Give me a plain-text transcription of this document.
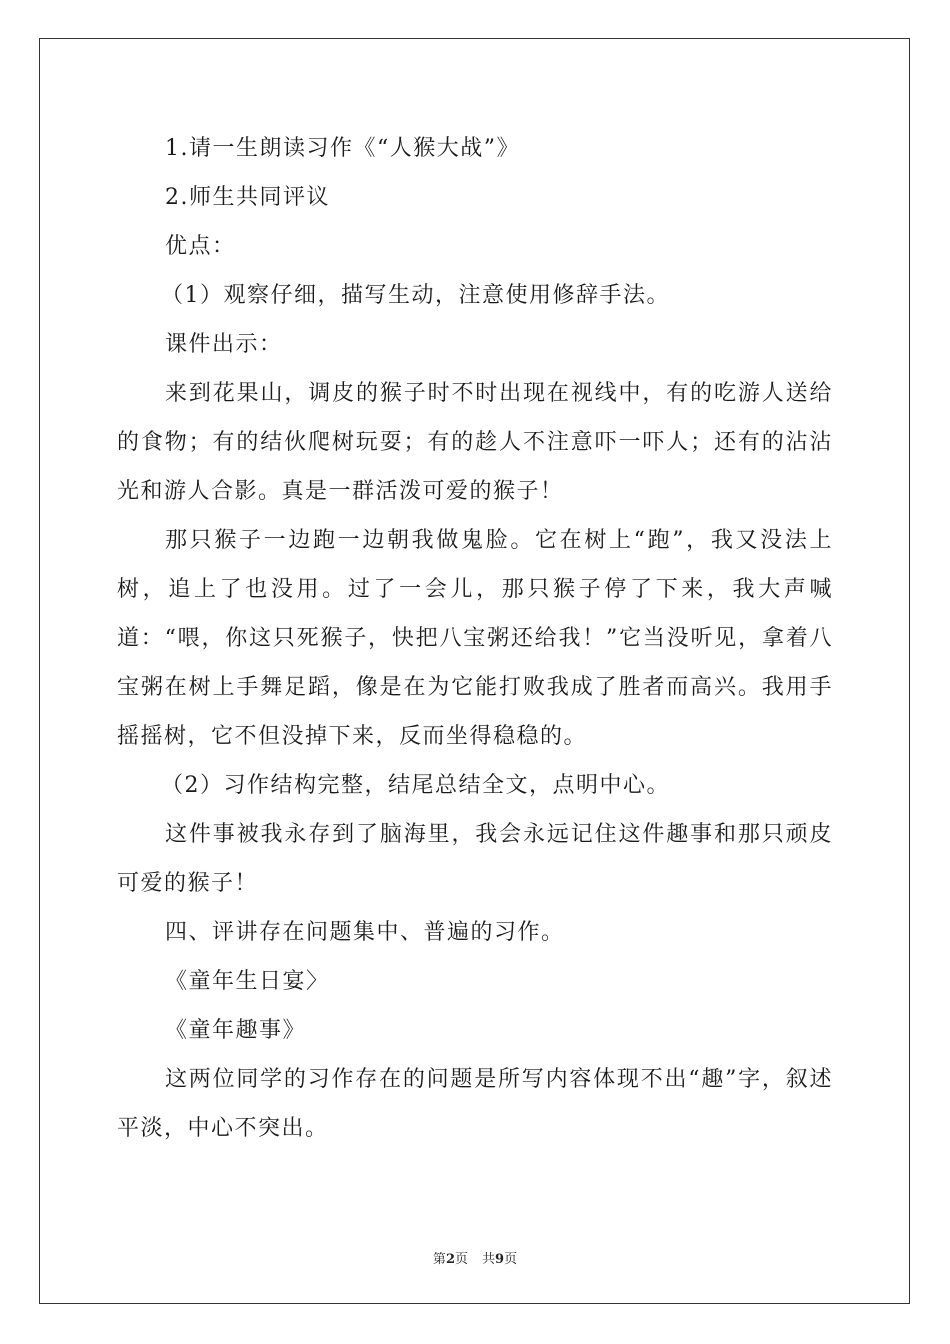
1.请一生朗读习作《“人猴大战”》

2.师生共同评议

优点：

（1）观察仔细，描写生动，注意使用修辞手法。

课件出示：

来到花果山，调皮的猴子时不时出现在视线中，有的吃游人送给的食物；有的结伙爬树玩耍；有的趁人不注意吓一吓人；还有的沾沾光和游人合影。真是一群活泼可爱的猴子！

那只猴子一边跑一边朝我做鬼脸。它在树上“跑”，我又没法上树，追上了也没用。过了一会儿，那只猴子停了下来，我大声喊道：“喂，你这只死猴子，快把八宝粥还给我！”它当没听见，拿着八宝粥在树上手舞足蹈，像是在为它能打败我成了胜者而高兴。我用手摇摇树，它不但没掉下来，反而坐得稳稳的。

（2）习作结构完整，结尾总结全文，点明中心。

这件事被我永存到了脑海里，我会永远记住这件趣事和那只顽皮可爱的猴子！

四、评讲存在问题集中、普遍的习作。

《童年生日宴〉

《童年趣事》

这两位同学的习作存在的问题是所写内容体现不出“趣”字，叙述平淡，中心不突出。

第2页 共9页
